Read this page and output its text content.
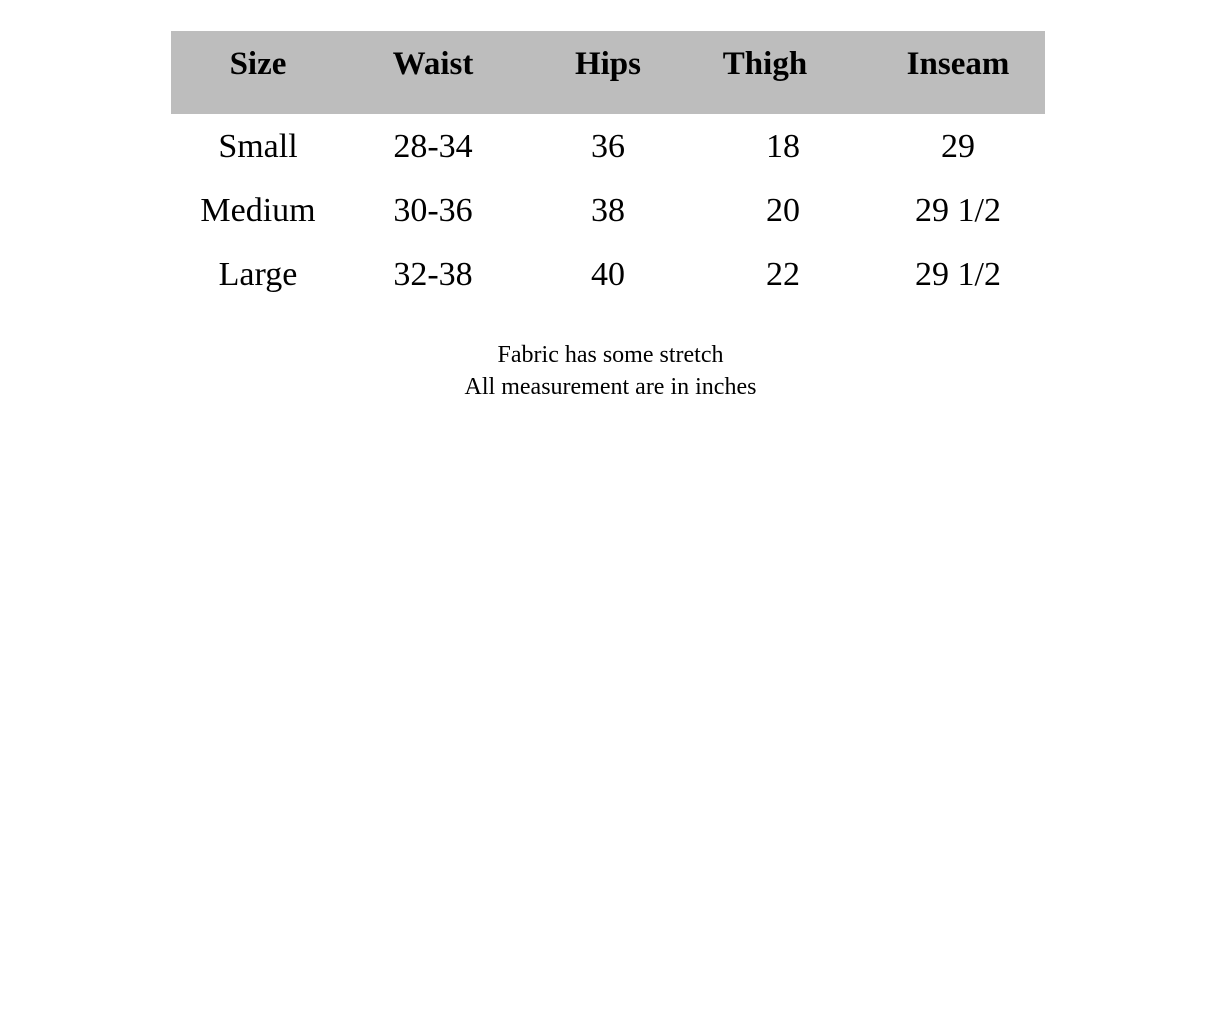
Size	Waist	Hips	Thigh	Inseam
Small	28-34	36	18	29
Medium	30-36	38	20	29 1/2
Large	32-38	40	22	29 1/2
Fabric has some stretch
All measurement are in inches
